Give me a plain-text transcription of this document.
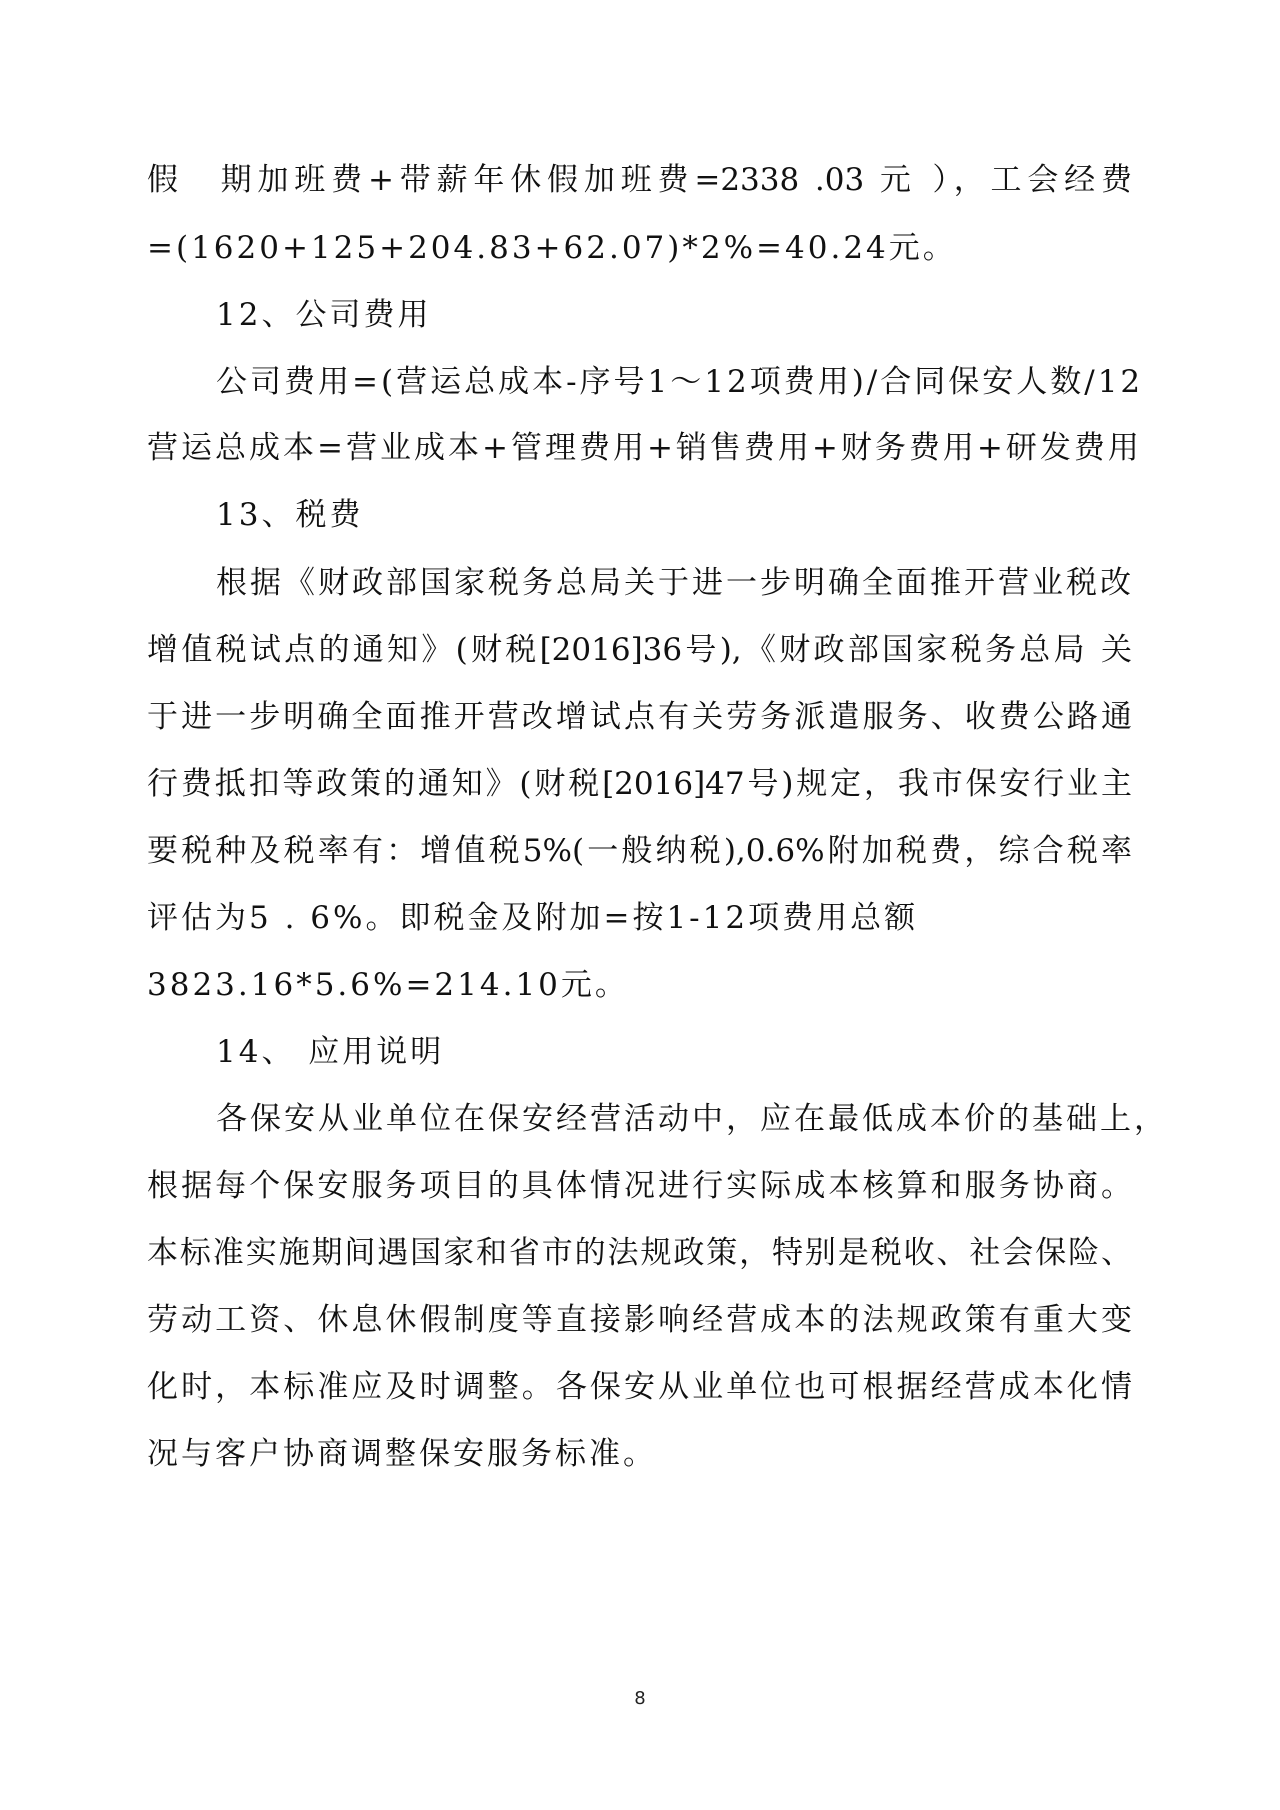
假　期加班费+带薪年休假加班费=2338 .03 元 ），工会经费
=(1620+125+204.83+62.07)*2%=40.24元。
12、公司费用
公司费用=(营运总成本-序号1～12项费用)/合同保安人数/12
营运总成本=营业成本+管理费用+销售费用+财务费用+研发费用
13、税费
根据《财政部国家税务总局关于进一步明确全面推开营业税改
增值税试点的通知》(财税[2016]36号),《财政部国家税务总局 关
于进一步明确全面推开营改增试点有关劳务派遣服务、收费公路通
行费抵扣等政策的通知》(财税[2016]47号)规定，我市保安行业主
要税种及税率有：增值税5%(一般纳税),0.6%附加税费，综合税率
评估为5 . 6%。即税金及附加=按1-12项费用总额
3823.16*5.6%=214.10元。
14、 应用说明
各保安从业单位在保安经营活动中，应在最低成本价的基础上，
根据每个保安服务项目的具体情况进行实际成本核算和服务协商。
本标准实施期间遇国家和省市的法规政策，特别是税收、社会保险、
劳动工资、休息休假制度等直接影响经营成本的法规政策有重大变
化时，本标准应及时调整。各保安从业单位也可根据经营成本化情
况与客户协商调整保安服务标准。
8
